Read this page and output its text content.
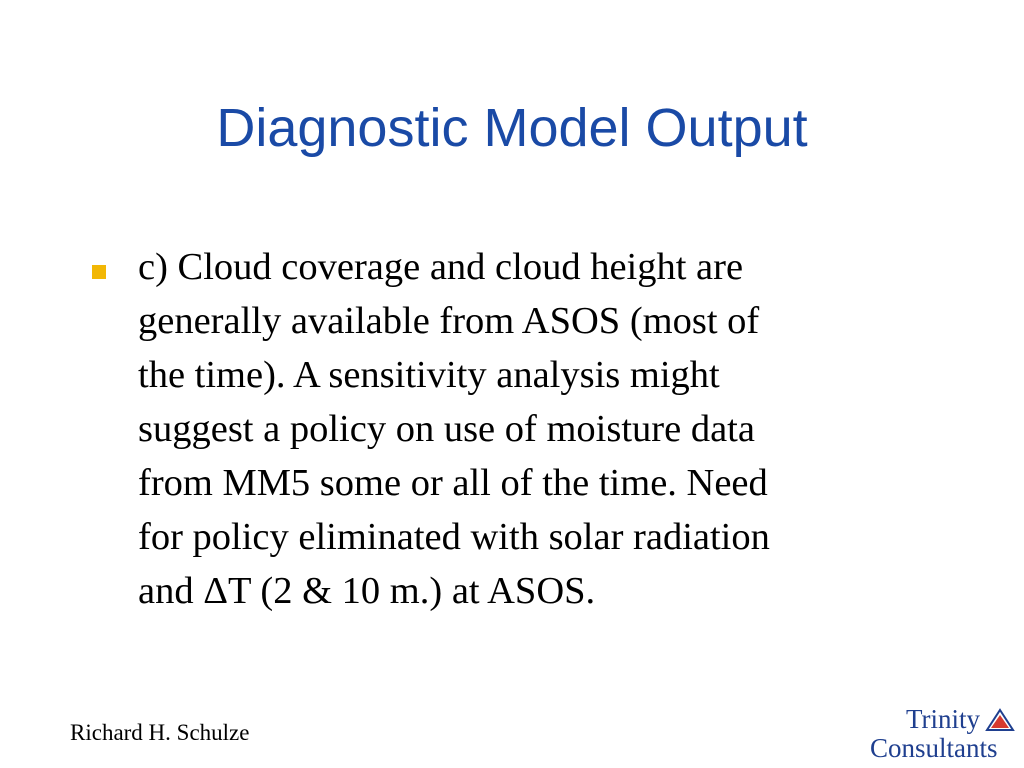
Diagnostic Model Output
c) Cloud coverage and cloud height are
generally available from ASOS (most of
the time). A sensitivity analysis might
suggest a policy on use of moisture data
from MM5 some or all of the time. Need
for policy eliminated with solar radiation
and ΔT (2 & 10 m.) at ASOS.
Richard H. Schulze	Trinity
Consultants
